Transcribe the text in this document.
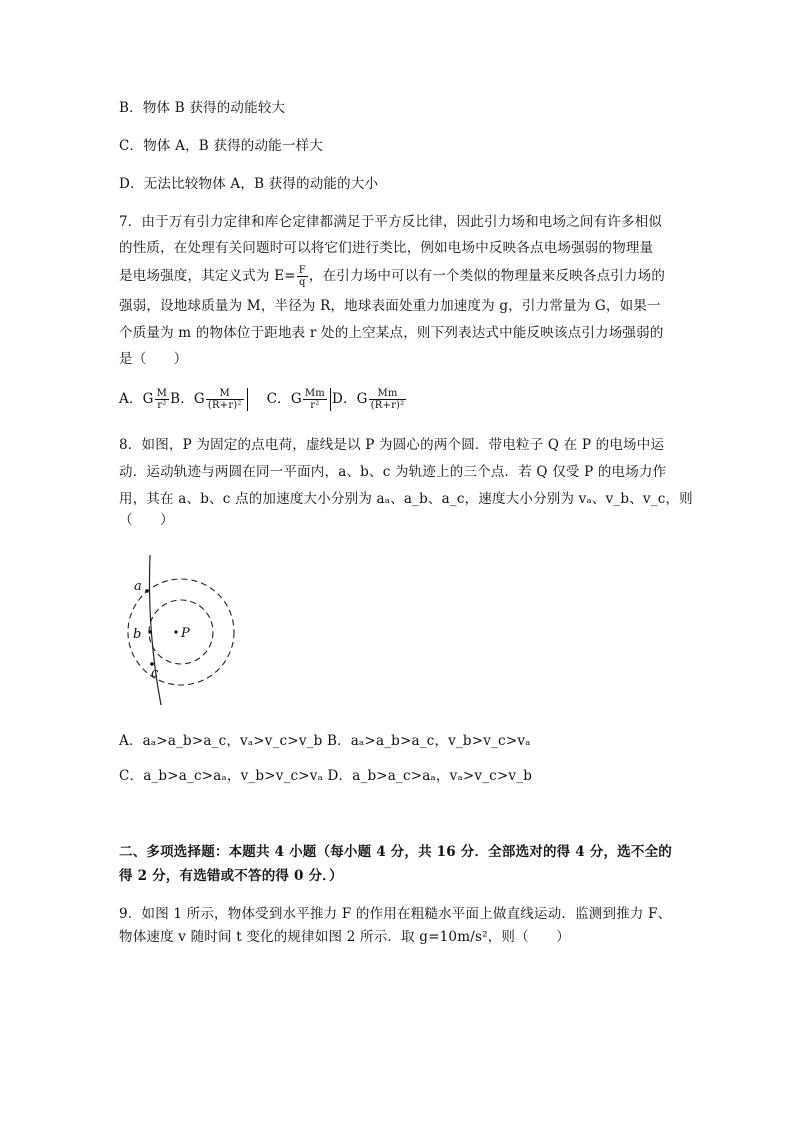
B．物体 B 获得的动能较大
C．物体 A，B 获得的动能一样大
D．无法比较物体 A，B 获得的动能的大小
7．由于万有引力定律和库仑定律都满足于平方反比律，因此引力场和电场之间有许多相似
的性质，在处理有关问题时可以将它们进行类比，例如电场中反映各点电场强弱的物理量
是电场强度，其定义式为 $E= \frac{F}{q}$ ，在引力场中可以有一个类似的物理量来反映各点引力场的
强弱，设地球质量为 M，半径为 R，地球表面处重力加速度为 g，引力常量为 G，如果一
个质量为 m 的物体位于距地表 r 处的上空某点，则下列表达式中能反映该点引力场强弱的
是（　　）
A．G $\frac{M}{\text{r²}}$ B．G $\frac{M}{\text{(R+r)²}}$ C．G $\frac{Mm}{\text{r²}}$ D．G $\frac{Mm}{\text{(R+r)²}}$
8．如图，P 为固定的点电荷，虚线是以 P 为圆心的两个圆．带电粒子 Q 在 P 的电场中运
动．运动轨迹与两圆在同一平面内，a、b、c 为轨迹上的三个点．若 Q 仅受 P 的电场力作
用，其在 a、b、c 点的加速度大小分别为 aₐ、a_b、a_c，速度大小分别为 vₐ、v_b、v_c，则
（　　）
a
b
c
P
A．aₐ>a_b>a_c，vₐ>v_c>v_b B．aₐ>a_b>a_c，v_b>v_c>vₐ
C．a_b>a_c>aₐ，v_b>v_c>vₐ D．a_b>a_c>aₐ，vₐ>v_c>v_b
二、多项选择题：本题共 4 小题（每小题 4 分，共 16 分．全部选对的得 4 分，选不全的
得 2 分，有选错或不答的得 0 分．）
9．如图 1 所示，物体受到水平推力 F 的作用在粗糙水平面上做直线运动．监测到推力 F、
物体速度 v 随时间 t 变化的规律如图 2 所示．取 g=10m/s²，则（　　）
